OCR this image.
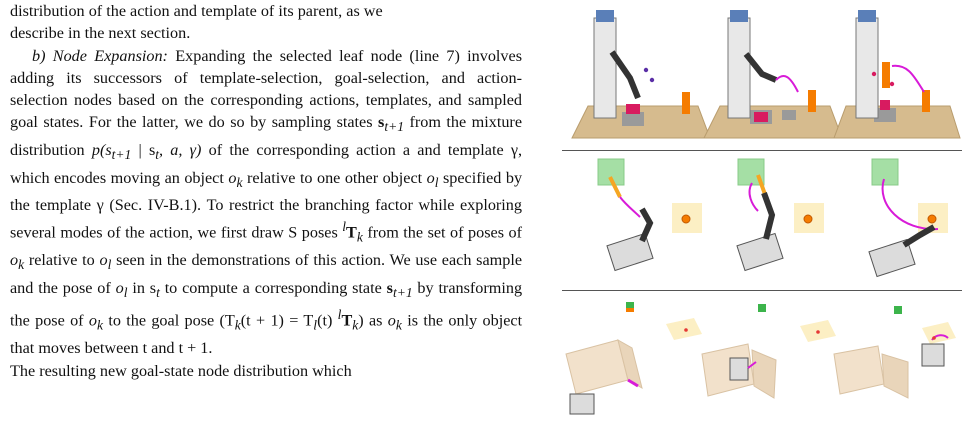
distribution of the action and template of its parent, as we

describe in the next section.

b) Node Expansion: Expanding the selected leaf node (line 7) involves adding its successors of template-selection, goal-selection, and action-selection nodes based on the corresponding actions, templates, and sampled goal states. For the latter, we do so by sampling states $s_{t+1}$ from the mixture distribution $p(s_{t+1}$ | $s_t$, a, γ) of the corresponding action a and template γ, which encodes moving an object $o_k$ relative to one other object $o_l$ specified by the template γ (Sec. IV-B.1). To restrict the branching factor while exploring several modes of the action, we first draw S poses $^lT_k$ from the set of poses of $o_k$ relative to $o_l$ seen in the demonstrations of this action. We use each sample and the pose of $o_l$ in $s_t$ to compute a corresponding state $s_{t+1}$ by transforming the pose of $o_k$ to the goal pose ($T_k(t + 1) = T_l(t)$ $^lT_k$) as $o_k$ is the only object that moves between t and t + 1.

The resulting new goal-state node distribution which
